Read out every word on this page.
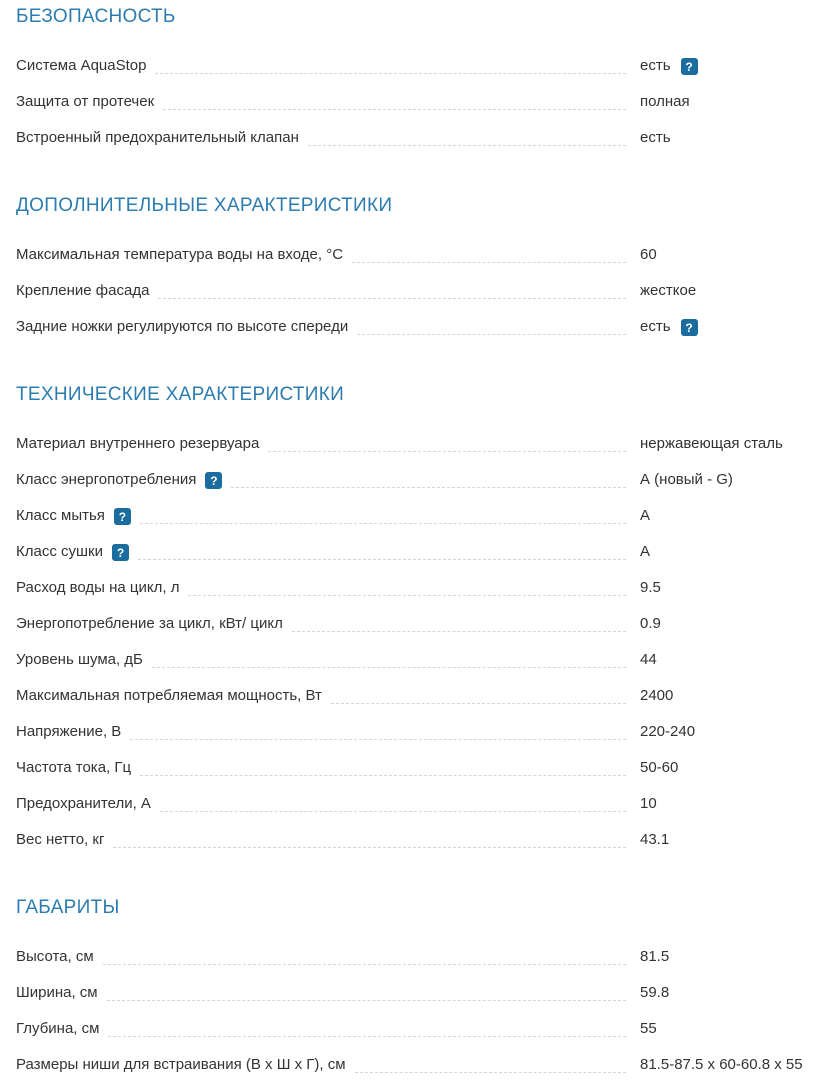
БЕЗОПАСНОСТЬ
Система AquaStop	есть	?
Защита от протечек	полная
Встроенный предохранительный клапан	есть
ДОПОЛНИТЕЛЬНЫЕ ХАРАКТЕРИСТИКИ
Максимальная температура воды на входе, °С	60
Крепление фасада	жесткое
Задние ножки регулируются по высоте спереди	есть	?
ТЕХНИЧЕСКИЕ ХАРАКТЕРИСТИКИ
Материал внутреннего резервуара	нержавеющая сталь
Класс энергопотребления	?	А (новый - G)
Класс мытья	?	А
Класс сушки	?	А
Расход воды на цикл, л	9.5
Энергопотребление за цикл, кВт/ цикл	0.9
Уровень шума, дБ	44
Максимальная потребляемая мощность, Вт	2400
Напряжение, В	220-240
Частота тока, Гц	50-60
Предохранители, А	10
Вес нетто, кг	43.1
ГАБАРИТЫ
Высота, см	81.5
Ширина, см	59.8
Глубина, см	55
Размеры ниши для встраивания (В х Ш х Г), см	81.5-87.5 x 60-60.8 x 55
